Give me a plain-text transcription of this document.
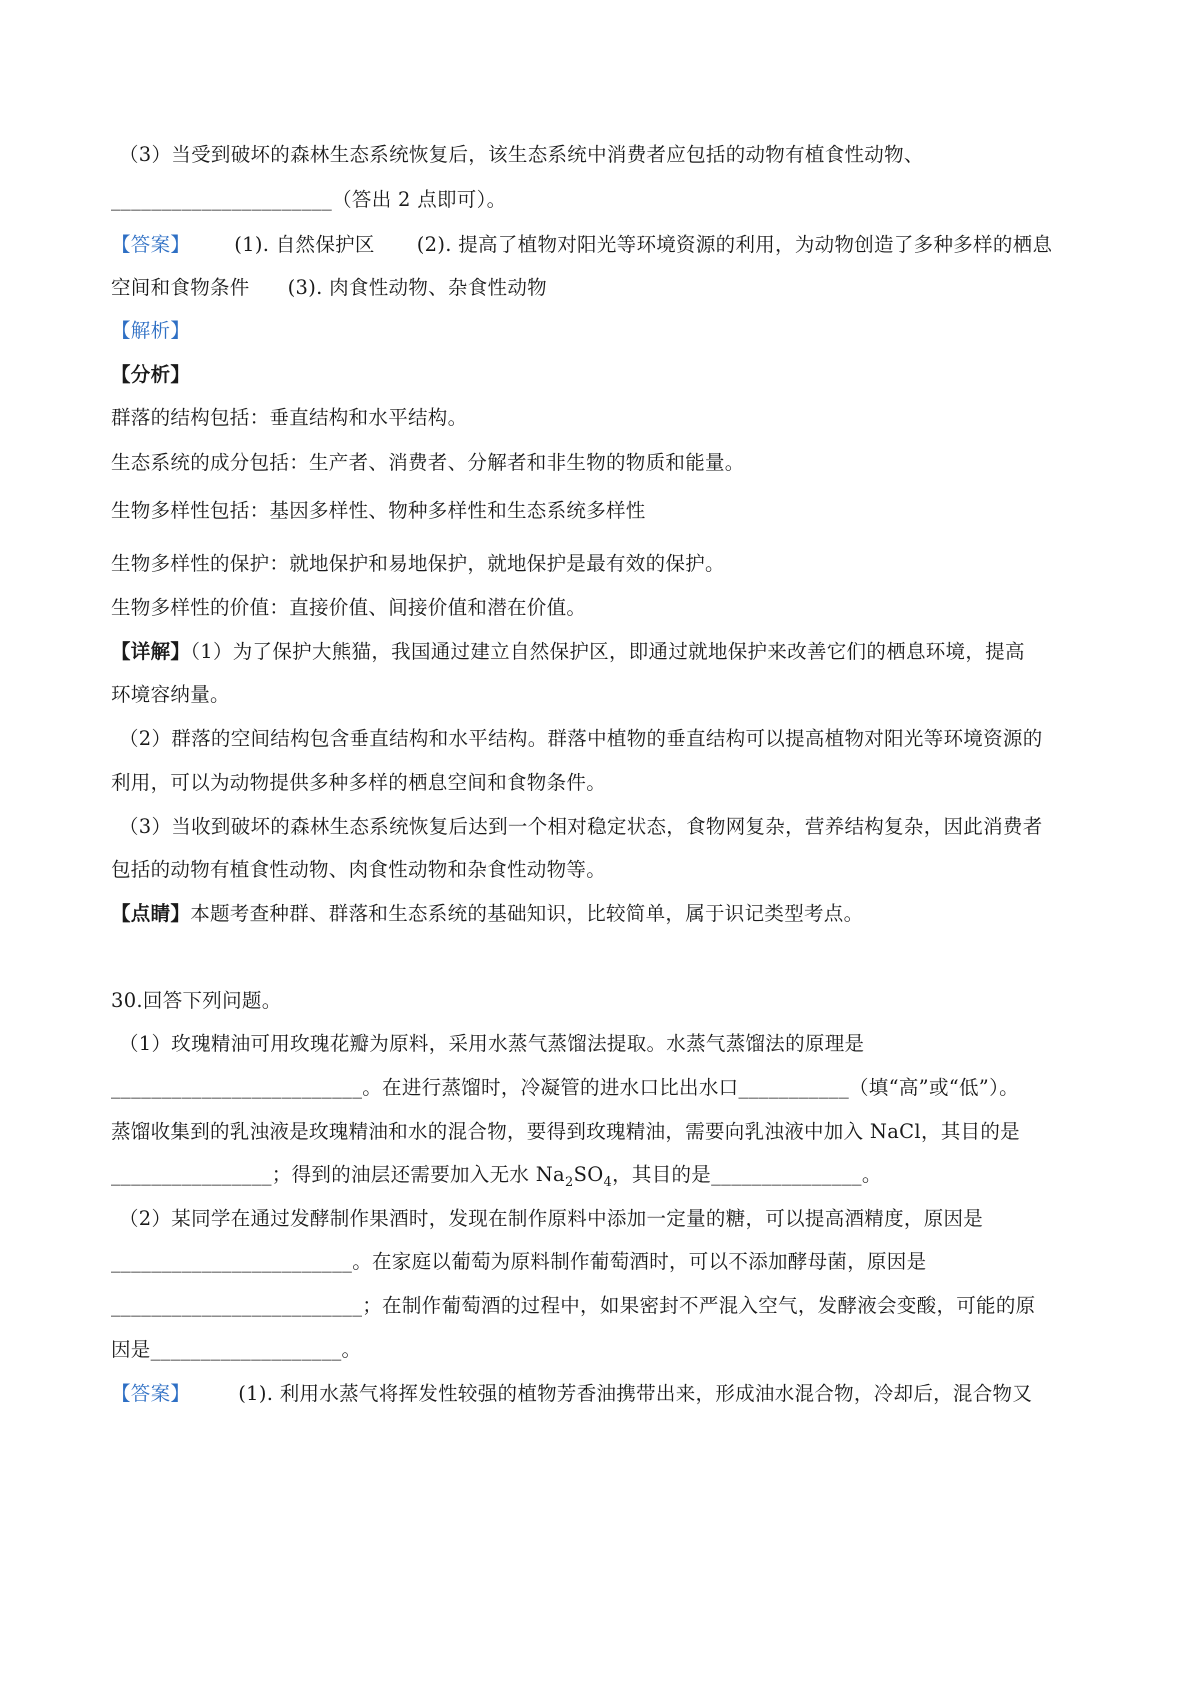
（3）当受到破坏的森林生态系统恢复后，该生态系统中消费者应包括的动物有植食性动物、
______________________（答出 2 点即可）。
【答案】 (1). 自然保护区 (2). 提高了植物对阳光等环境资源的利用，为动物创造了多种多样的栖息
空间和食物条件 (3). 肉食性动物、杂食性动物
【解析】
【分析】
群落的结构包括：垂直结构和水平结构。
生态系统的成分包括：生产者、消费者、分解者和非生物的物质和能量。
生物多样性包括：基因多样性、物种多样性和生态系统多样性
生物多样性的保护：就地保护和易地保护，就地保护是最有效的保护。
生物多样性的价值：直接价值、间接价值和潜在价值。
【详解】（1）为了保护大熊猫，我国通过建立自然保护区，即通过就地保护来改善它们的栖息环境，提高
环境容纳量。
（2）群落的空间结构包含垂直结构和水平结构。群落中植物的垂直结构可以提高植物对阳光等环境资源的
利用，可以为动物提供多种多样的栖息空间和食物条件。
（3）当收到破坏的森林生态系统恢复后达到一个相对稳定状态，食物网复杂，营养结构复杂，因此消费者
包括的动物有植食性动物、肉食性动物和杂食性动物等。
【点睛】本题考查种群、群落和生态系统的基础知识，比较简单，属于识记类型考点。
30.回答下列问题。
（1）玫瑰精油可用玫瑰花瓣为原料，采用水蒸气蒸馏法提取。水蒸气蒸馏法的原理是
_________________________。在进行蒸馏时，冷凝管的进水口比出水口___________（填“高”或“低”）。
蒸馏收集到的乳浊液是玫瑰精油和水的混合物，要得到玫瑰精油，需要向乳浊液中加入 NaCl，其目的是
________________；得到的油层还需要加入无水 $Na_2SO_4$，其目的是_______________。
（2）某同学在通过发酵制作果酒时，发现在制作原料中添加一定量的糖，可以提高酒精度，原因是
________________________。在家庭以葡萄为原料制作葡萄酒时，可以不添加酵母菌，原因是
_________________________；在制作葡萄酒的过程中，如果密封不严混入空气，发酵液会变酸，可能的原
因是___________________。
【答案】 (1). 利用水蒸气将挥发性较强的植物芳香油携带出来，形成油水混合物，冷却后，混合物又
